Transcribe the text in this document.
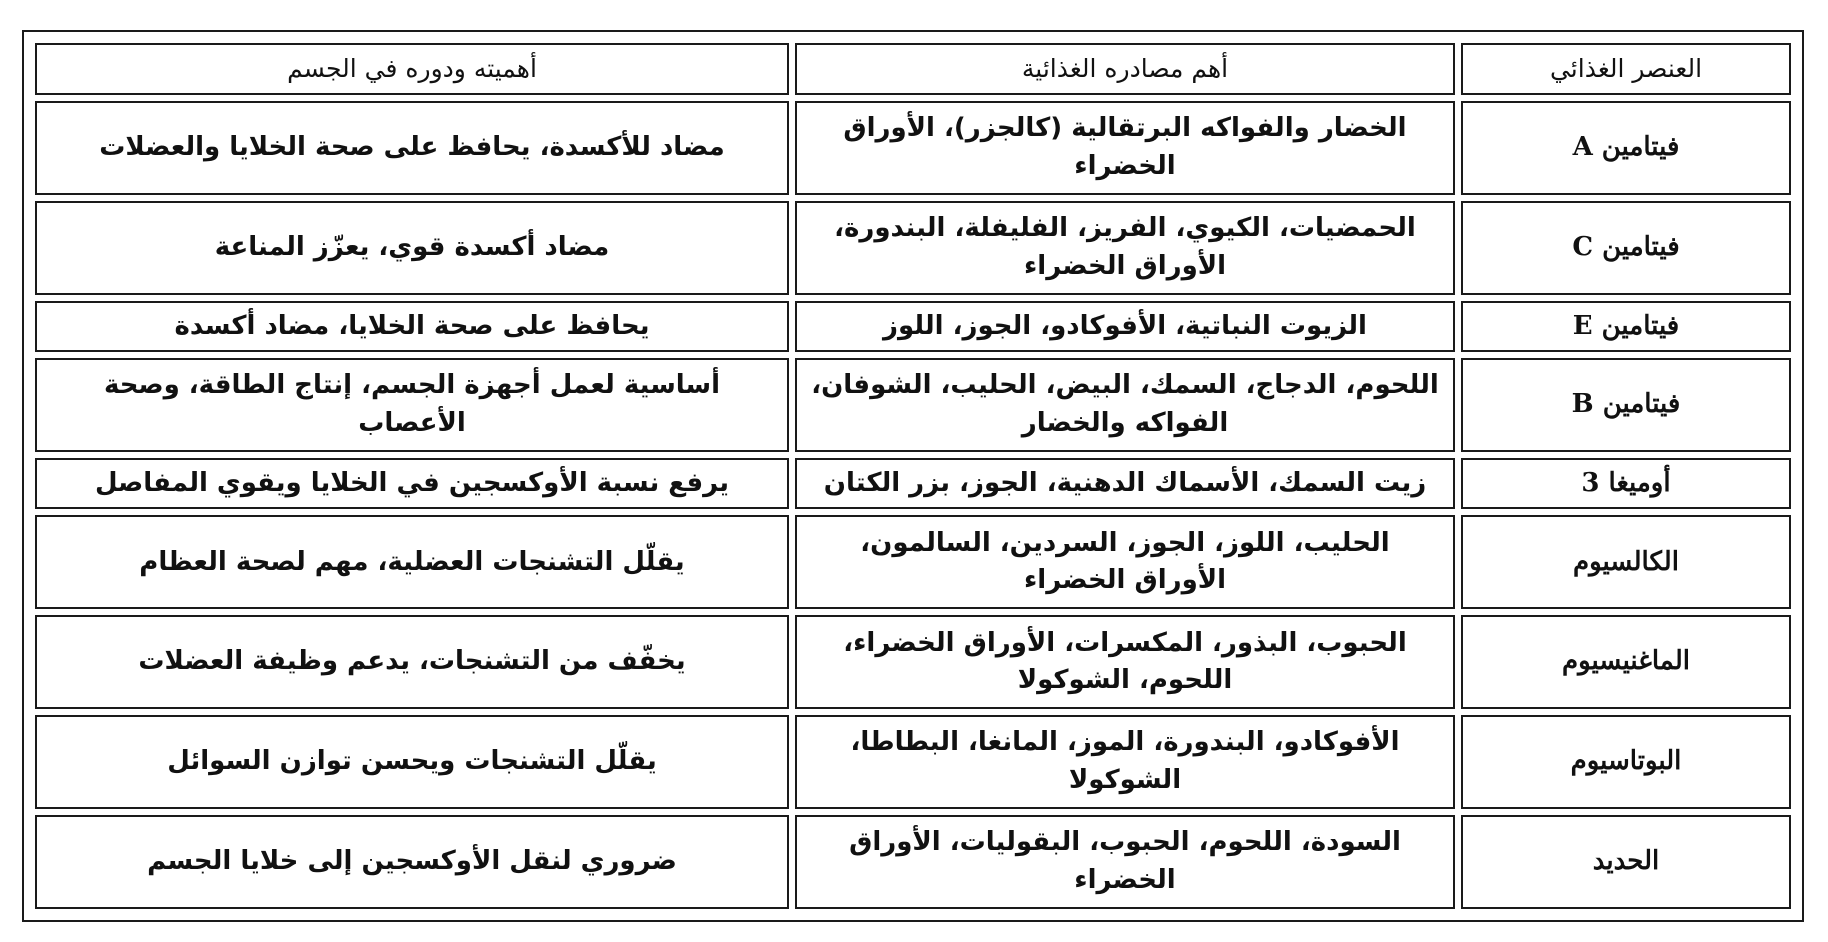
العنصر الغذائي	أهم مصادره الغذائية	أهميته ودوره في الجسم
فيتامين A	الخضار والفواكه البرتقالية (كالجزر)، الأوراق الخضراء	مضاد للأكسدة، يحافظ على صحة الخلايا والعضلات
فيتامين C	الحمضيات، الكيوي، الفريز، الفليفلة، البندورة، الأوراق الخضراء	مضاد أكسدة قوي، يعزّز المناعة
فيتامين E	الزيوت النباتية، الأفوكادو، الجوز، اللوز	يحافظ على صحة الخلايا، مضاد أكسدة
فيتامين B	اللحوم، الدجاج، السمك، البيض، الحليب، الشوفان، الفواكه والخضار	أساسية لعمل أجهزة الجسم، إنتاج الطاقة، وصحة الأعصاب
أوميغا 3	زيت السمك، الأسماك الدهنية، الجوز، بزر الكتان	يرفع نسبة الأوكسجين في الخلايا ويقوي المفاصل
الكالسيوم	الحليب، اللوز، الجوز، السردين، السالمون، الأوراق الخضراء	يقلّل التشنجات العضلية، مهم لصحة العظام
الماغنيسيوم	الحبوب، البذور، المكسرات، الأوراق الخضراء، اللحوم، الشوكولا	يخفّف من التشنجات، يدعم وظيفة العضلات
البوتاسيوم	الأفوكادو، البندورة، الموز، المانغا، البطاطا، الشوكولا	يقلّل التشنجات ويحسن توازن السوائل
الحديد	السودة، اللحوم، الحبوب، البقوليات، الأوراق الخضراء	ضروري لنقل الأوكسجين إلى خلايا الجسم
